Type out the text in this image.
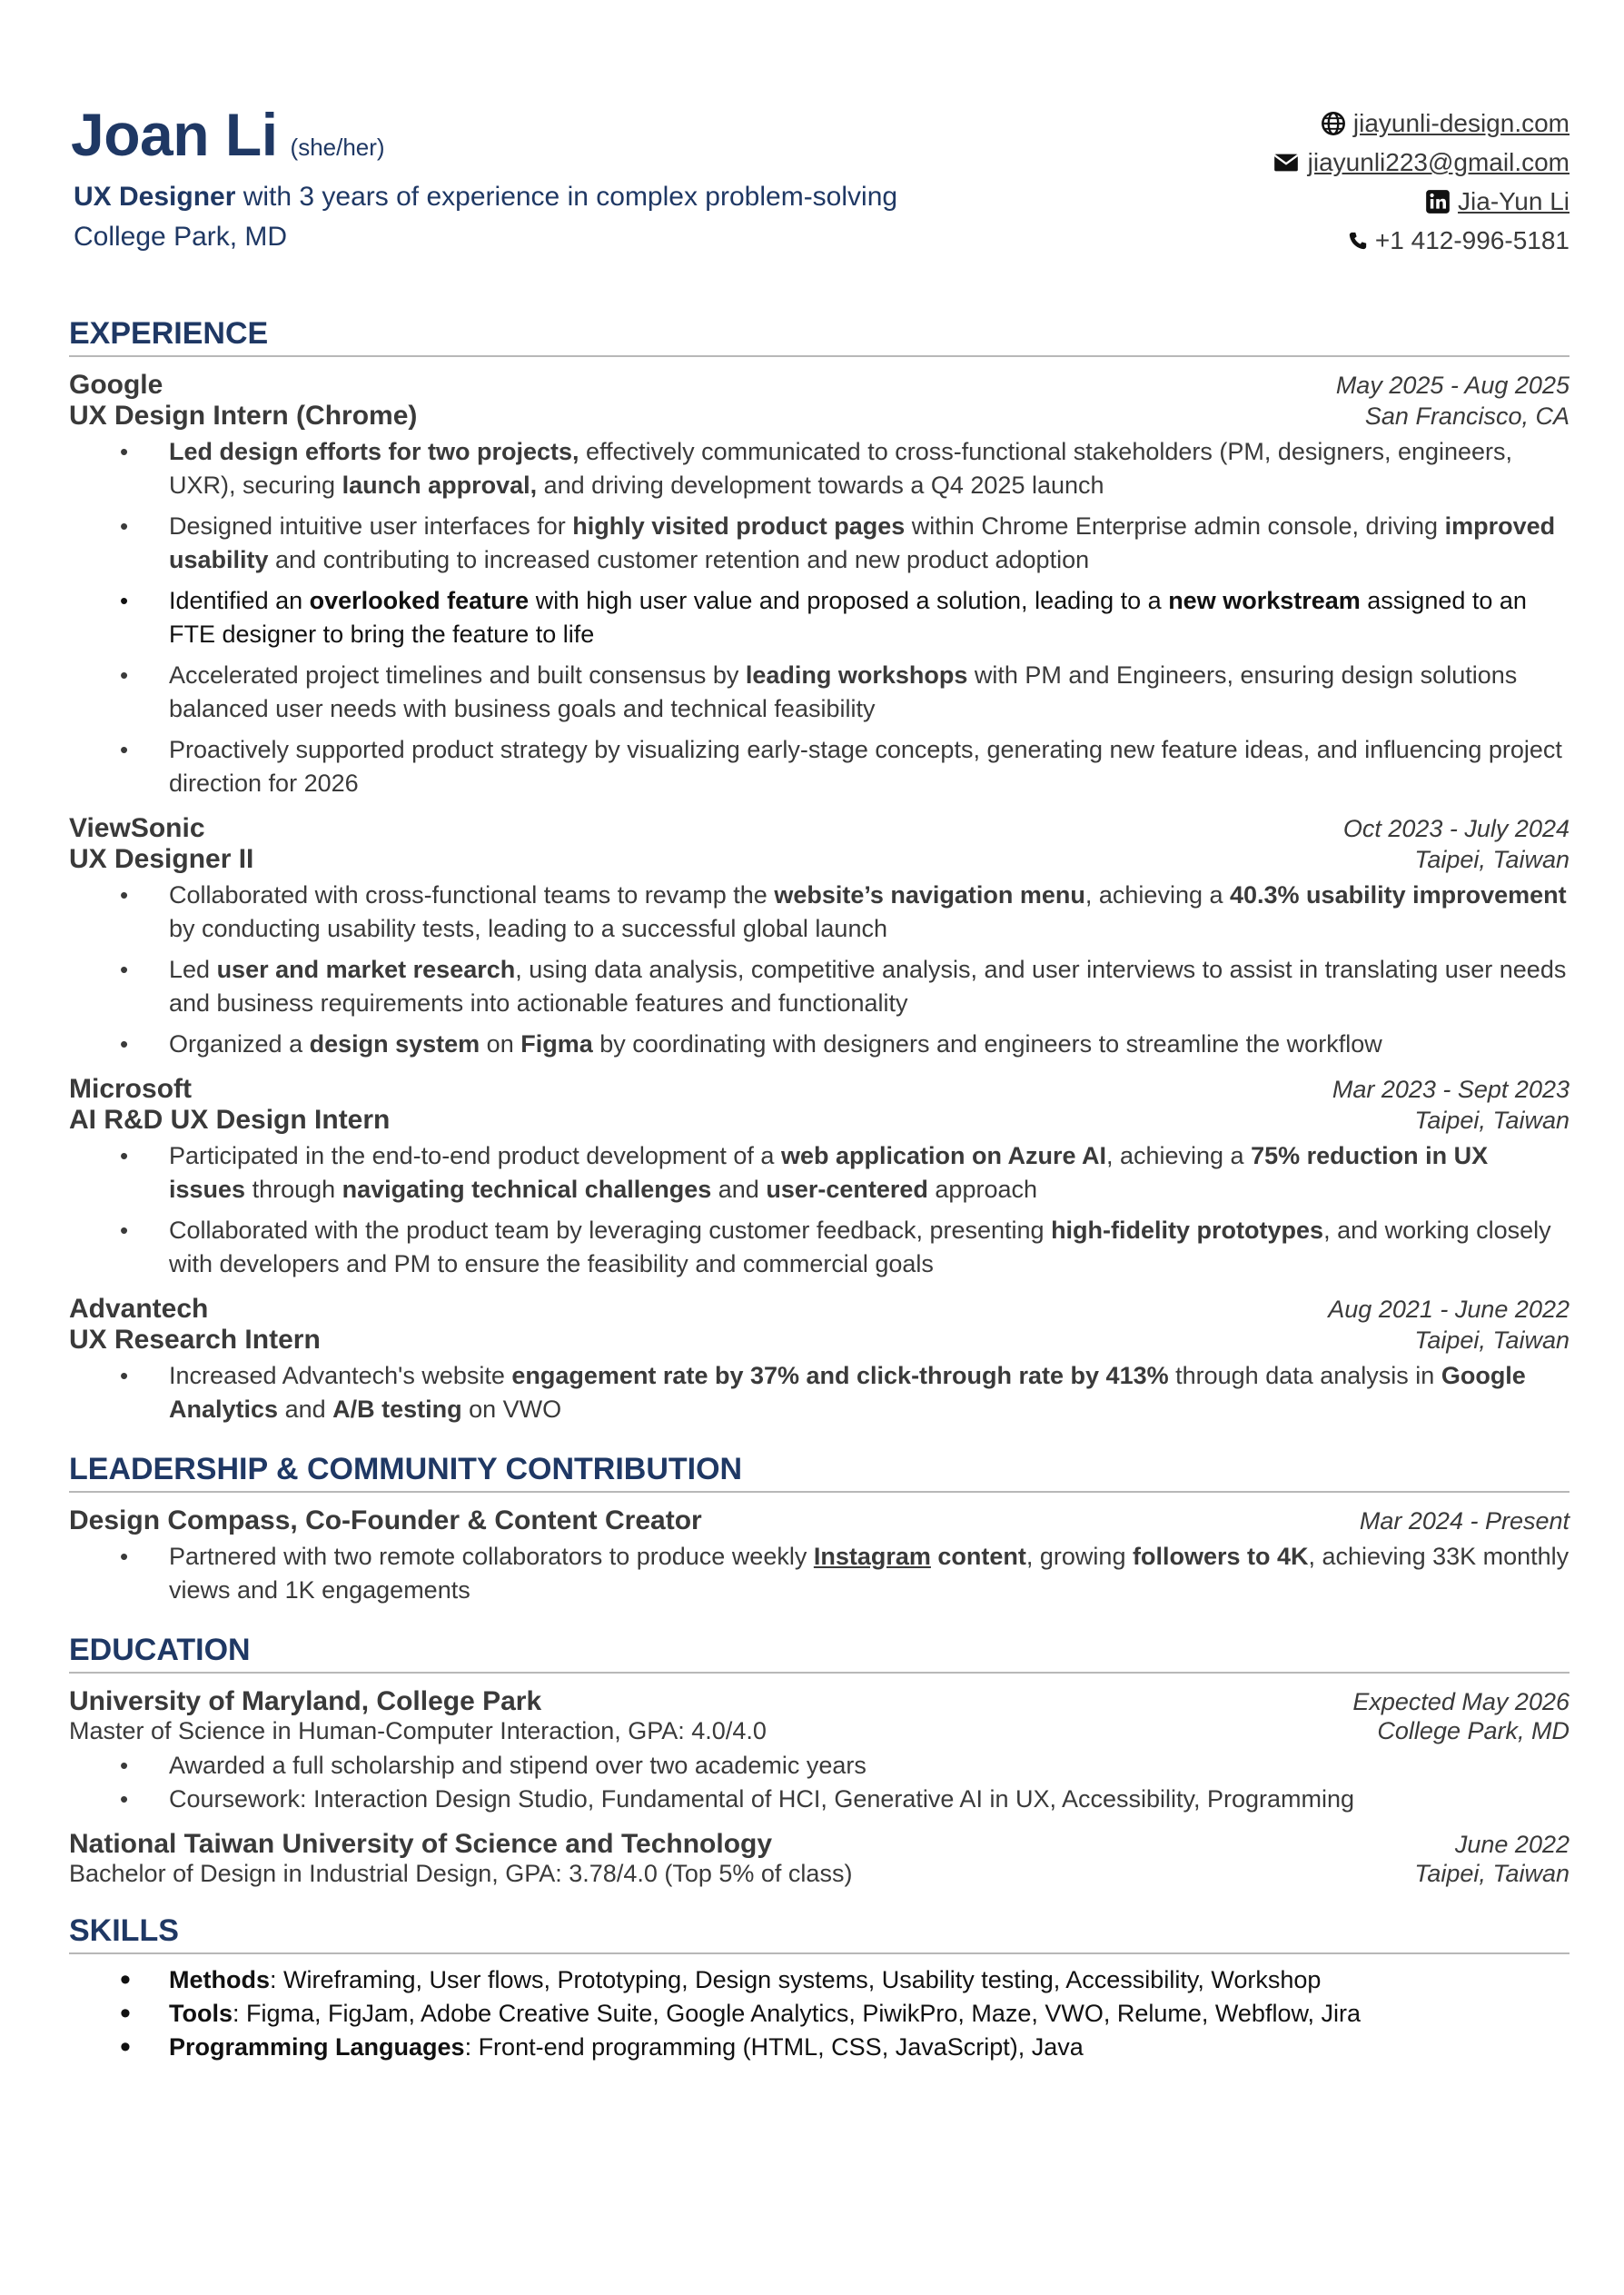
Joan Li (she/her)
UX Designer with 3 years of experience in complex problem-solving
College Park, MD
jiayunli-design.com
jiayunli223@gmail.com
Jia-Yun Li
+1 412-996-5181
EXPERIENCE
Google	May 2025 - Aug 2025
UX Design Intern (Chrome)	San Francisco, CA
• Led design efforts for two projects, effectively communicated to cross-functional stakeholders (PM, designers, engineers, UXR), securing launch approval, and driving development towards a Q4 2025 launch
• Designed intuitive user interfaces for highly visited product pages within Chrome Enterprise admin console, driving improved usability and contributing to increased customer retention and new product adoption
• Identified an overlooked feature with high user value and proposed a solution, leading to a new workstream assigned to an FTE designer to bring the feature to life
• Accelerated project timelines and built consensus by leading workshops with PM and Engineers, ensuring design solutions balanced user needs with business goals and technical feasibility
• Proactively supported product strategy by visualizing early-stage concepts, generating new feature ideas, and influencing project direction for 2026
ViewSonic	Oct 2023 - July 2024
UX Designer II	Taipei, Taiwan
• Collaborated with cross-functional teams to revamp the website’s navigation menu, achieving a 40.3% usability improvement by conducting usability tests, leading to a successful global launch
• Led user and market research, using data analysis, competitive analysis, and user interviews to assist in translating user needs and business requirements into actionable features and functionality
• Organized a design system on Figma by coordinating with designers and engineers to streamline the workflow
Microsoft	Mar 2023 - Sept 2023
AI R&D UX Design Intern	Taipei, Taiwan
• Participated in the end-to-end product development of a web application on Azure AI, achieving a 75% reduction in UX issues through navigating technical challenges and user-centered approach
• Collaborated with the product team by leveraging customer feedback, presenting high-fidelity prototypes, and working closely with developers and PM to ensure the feasibility and commercial goals
Advantech	Aug 2021 - June 2022
UX Research Intern	Taipei, Taiwan
• Increased Advantech's website engagement rate by 37% and click-through rate by 413% through data analysis in Google Analytics and A/B testing on VWO
LEADERSHIP & COMMUNITY CONTRIBUTION
Design Compass, Co-Founder & Content Creator	Mar 2024 - Present
• Partnered with two remote collaborators to produce weekly Instagram content, growing followers to 4K, achieving 33K monthly views and 1K engagements
EDUCATION
University of Maryland, College Park	Expected May 2026
Master of Science in Human-Computer Interaction, GPA: 4.0/4.0	College Park, MD
• Awarded a full scholarship and stipend over two academic years
• Coursework: Interaction Design Studio, Fundamental of HCI, Generative AI in UX, Accessibility, Programming
National Taiwan University of Science and Technology	June 2022
Bachelor of Design in Industrial Design, GPA: 3.78/4.0 (Top 5% of class)	Taipei, Taiwan
SKILLS
• Methods: Wireframing, User flows, Prototyping, Design systems, Usability testing, Accessibility, Workshop
• Tools: Figma, FigJam, Adobe Creative Suite, Google Analytics, PiwikPro, Maze, VWO, Relume, Webflow, Jira
• Programming Languages: Front-end programming (HTML, CSS, JavaScript), Java
